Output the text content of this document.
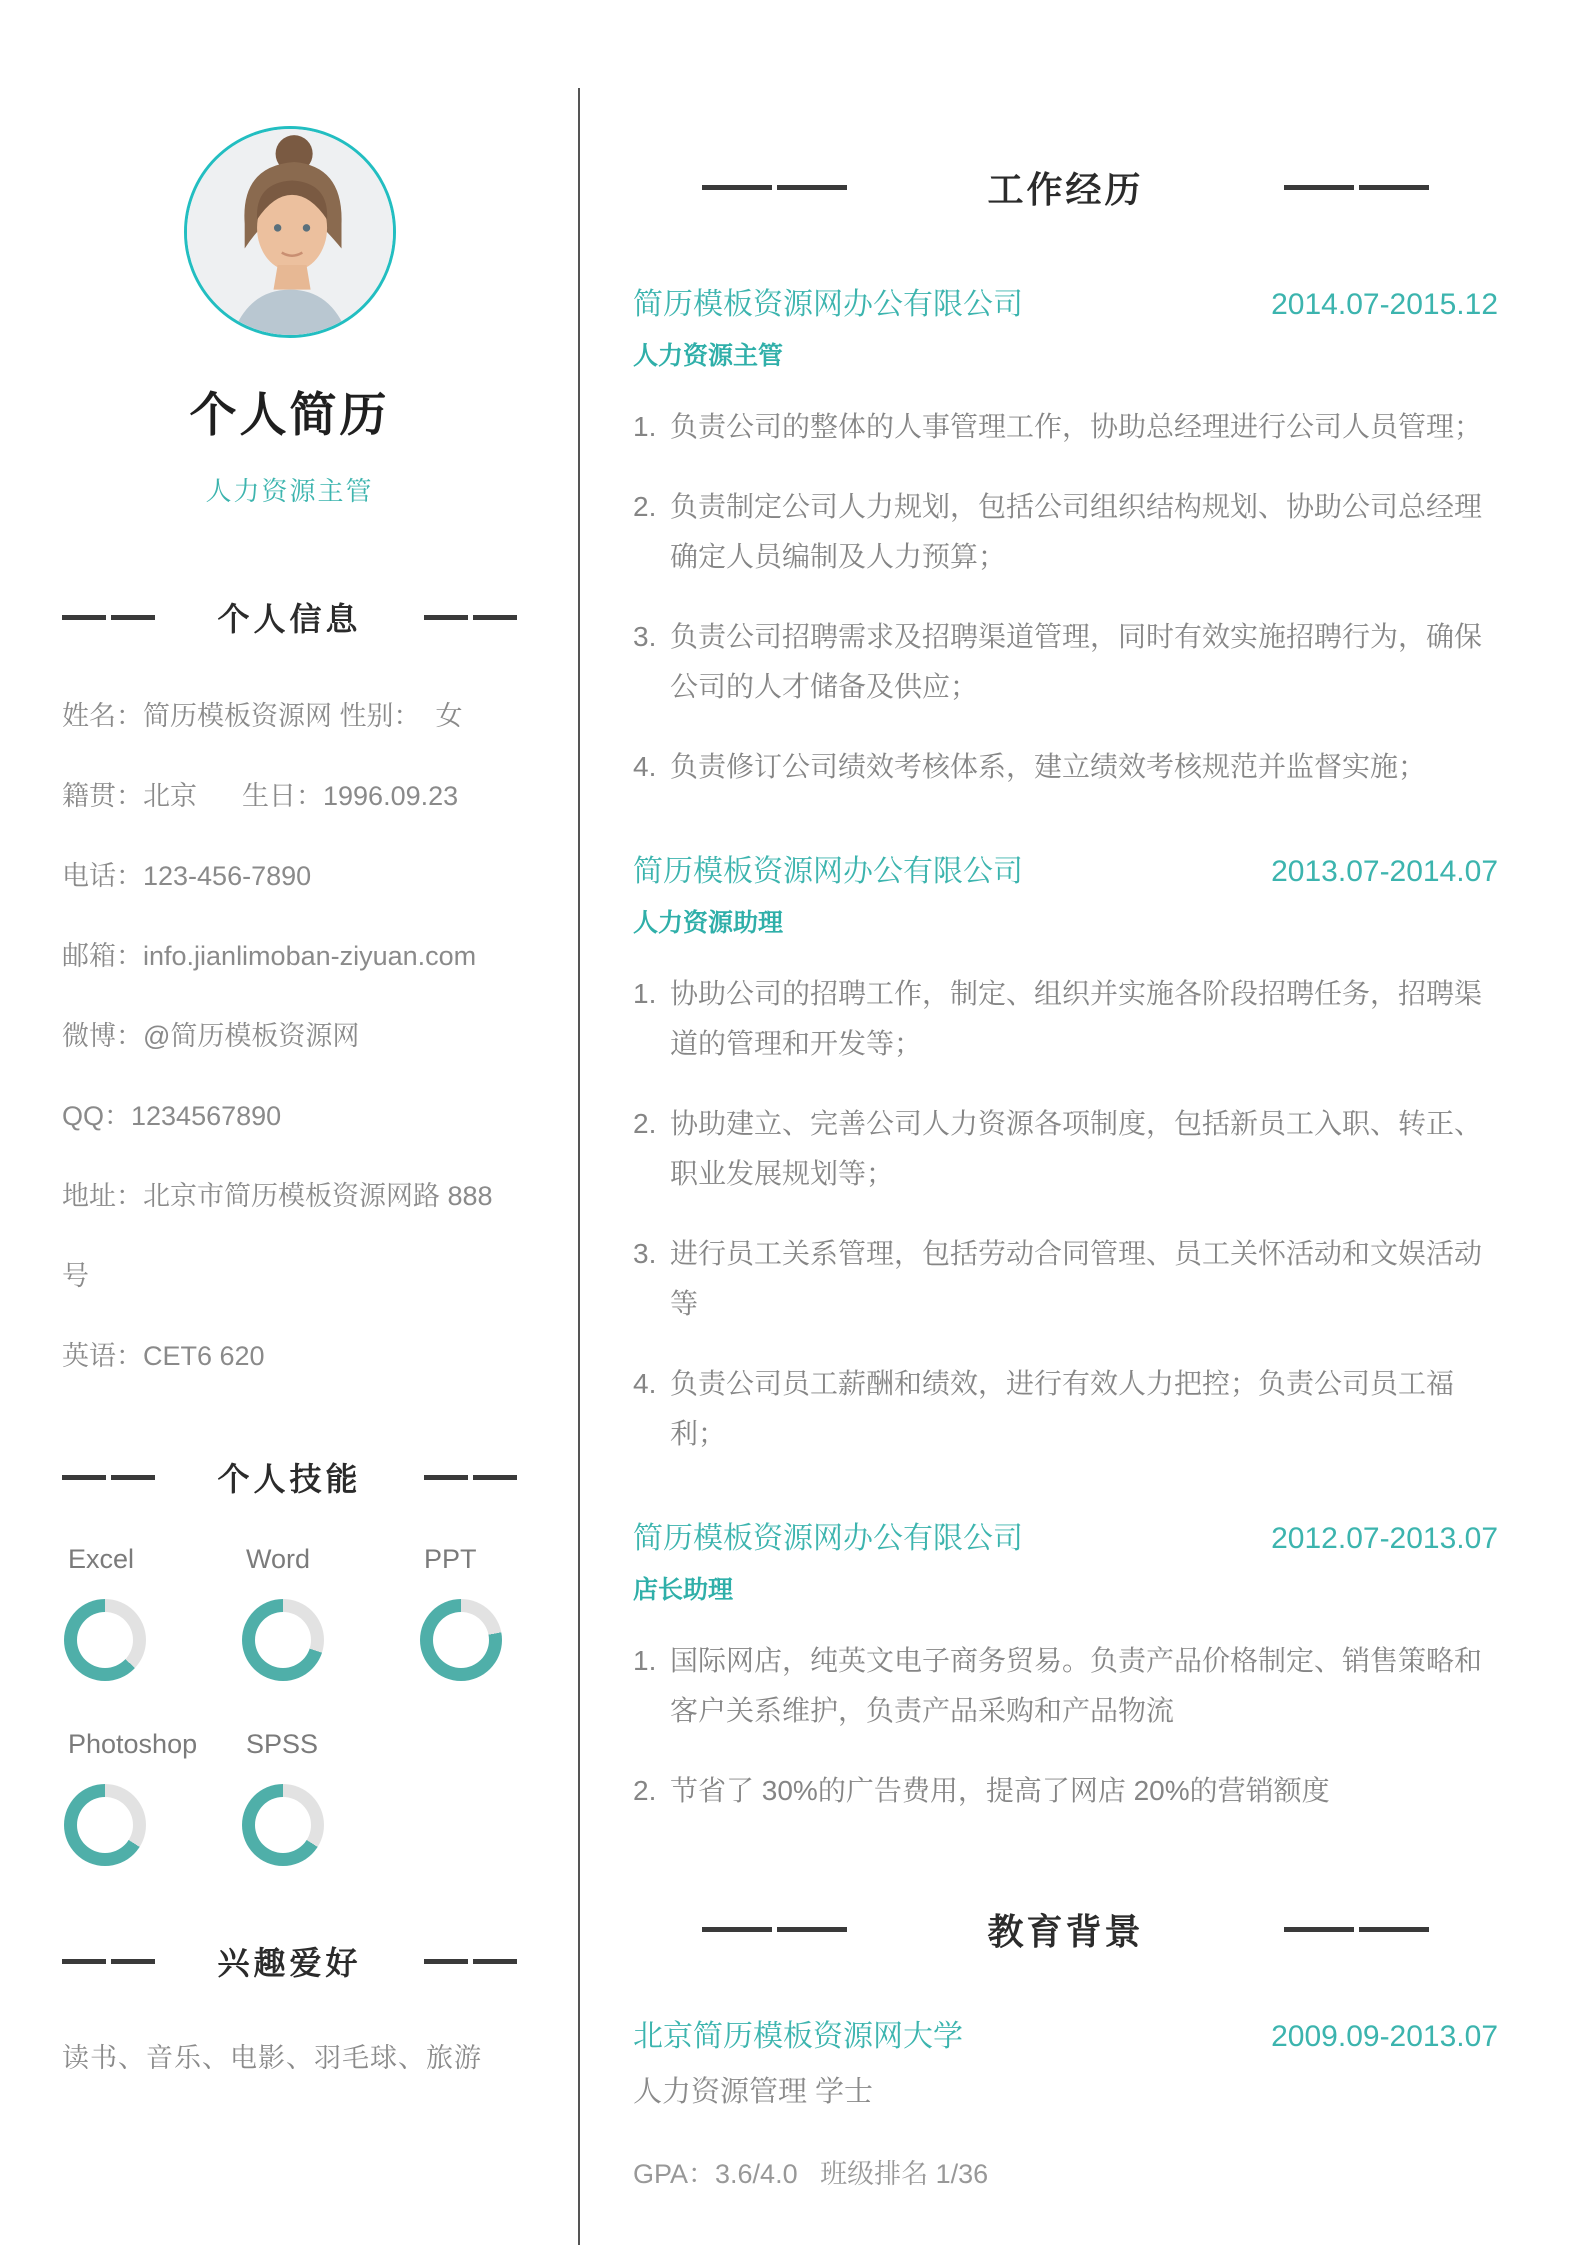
个人简历
人力资源主管
个人信息
姓名：简历模板资源网 性别：  女
籍贯：北京      生日：1996.09.23
电话：123-456-7890
邮箱：info.jianlimoban-ziyuan.com
微博：@简历模板资源网
QQ：1234567890
地址：北京市简历模板资源网路 888 号
英语：CET6 620
个人技能
Excel	Word	PPT
Photoshop	SPSS
兴趣爱好
读书、音乐、电影、羽毛球、旅游
工作经历
简历模板资源网办公有限公司	2014.07-2015.12
人力资源主管
负责公司的整体的人事管理工作，协助总经理进行公司人员管理；
负责制定公司人力规划，包括公司组织结构规划、协助公司总经理确定人员编制及人力预算；
负责公司招聘需求及招聘渠道管理，同时有效实施招聘行为，确保公司的人才储备及供应；
负责修订公司绩效考核体系，建立绩效考核规范并监督实施；
简历模板资源网办公有限公司	2013.07-2014.07
人力资源助理
协助公司的招聘工作，制定、组织并实施各阶段招聘任务，招聘渠道的管理和开发等；
协助建立、完善公司人力资源各项制度，包括新员工入职、转正、职业发展规划等；
进行员工关系管理，包括劳动合同管理、员工关怀活动和文娱活动等
负责公司员工薪酬和绩效，进行有效人力把控；负责公司员工福利；
简历模板资源网办公有限公司	2012.07-2013.07
店长助理
国际网店，纯英文电子商务贸易。负责产品价格制定、销售策略和客户关系维护，负责产品采购和产品物流
节省了 30%的广告费用，提高了网店 20%的营销额度
教育背景
北京简历模板资源网大学	2009.09-2013.07
人力资源管理 学士
GPA：3.6/4.0   班级排名 1/36
